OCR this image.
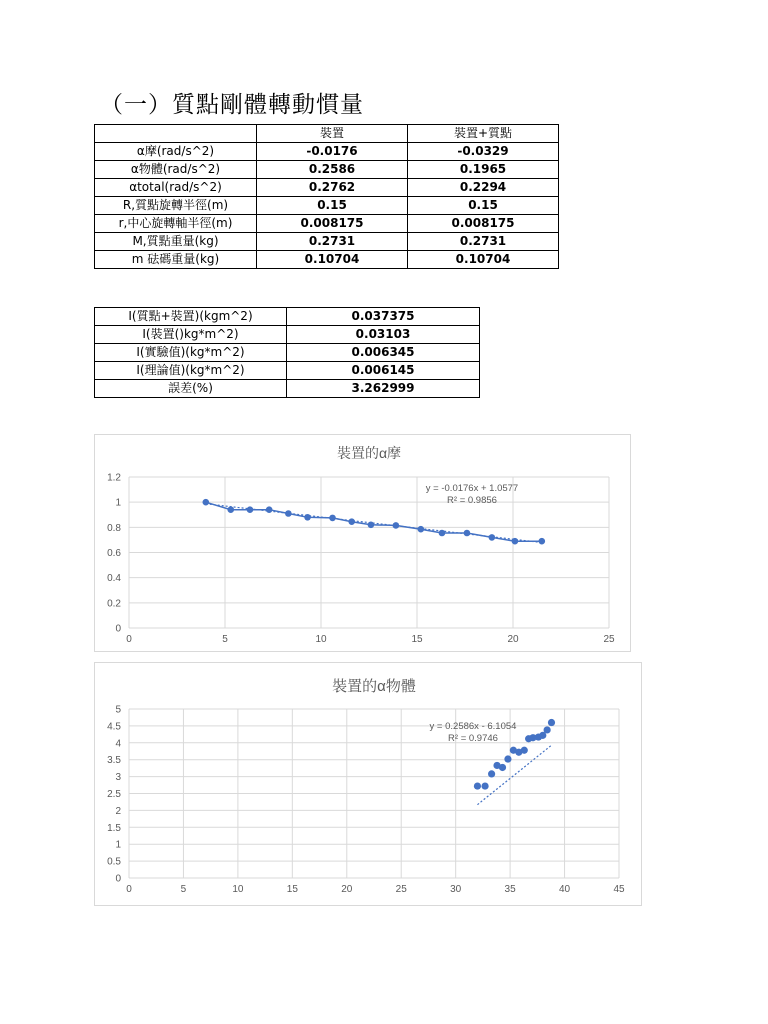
（一）質點剛體轉動慣量
	裝置	裝置+質點
α摩(rad/s^2)	-0.0176	-0.0329
α物體(rad/s^2)	0.2586	0.1965
αtotal(rad/s^2)	0.2762	0.2294
R,質點旋轉半徑(m)	0.15	0.15
r,中心旋轉軸半徑(m)	0.008175	0.008175
M,質點重量(kg)	0.2731	0.2731
m 砝碼重量(kg)	0.10704	0.10704
I(質點+裝置)(kgm^2)	0.037375
I(裝置()kg*m^2)	0.03103
I(實驗值)(kg*m^2)	0.006345
I(理論值)(kg*m^2)	0.006145
誤差(%)	3.262999
裝置的α摩
0	5	10	15	20	25
0
0.2
0.4
0.6
0.8
1
1.2
y = -0.0176x + 1.0577
R² = 0.9856
裝置的α物體
0	5	10	15	20	25	30	35	40	45
0
0.5
1
1.5
2
2.5
3
3.5
4
4.5
5
y = 0.2586x - 6.1054
R² = 0.9746
